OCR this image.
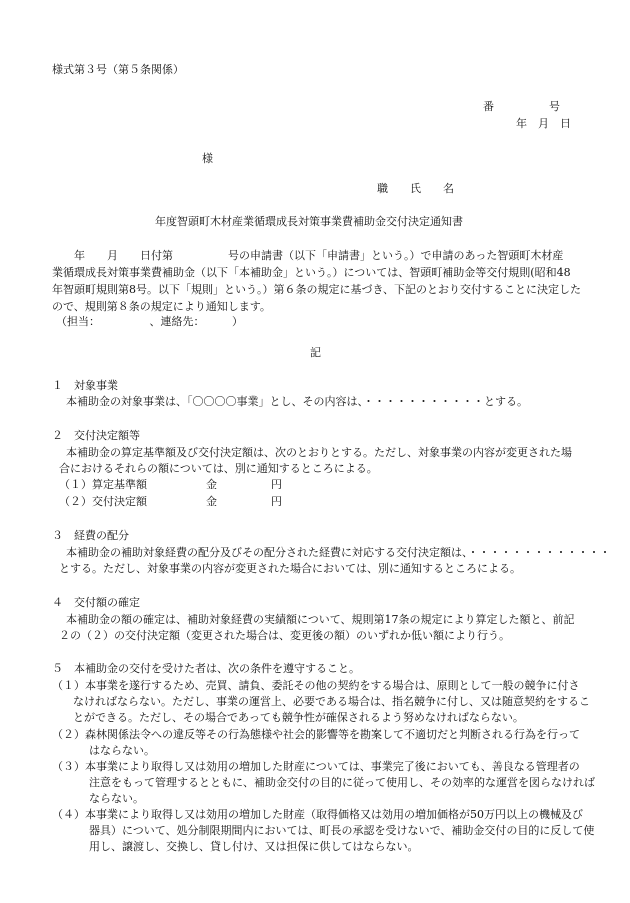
様式第３号（第５条関係）
番　　　　　号
年　月　日
様
職　　氏　　名
年度智頭町木材産業循環成長対策事業費補助金交付決定通知書
　　年　　月　　日付第　　　　　号の申請書（以下「申請書」という。）で申請のあった智頭町木材産
業循環成長対策事業費補助金（以下「本補助金」という。）については、智頭町補助金等交付規則(昭和48
年智頭町規則第8号。以下「規則」という。）第６条の規定に基づき、下記のとおり交付することに決定した
ので、規則第８条の規定により通知します。
（担当：　　　　　、連絡先：　　　）
記
１　対象事業
本補助金の対象事業は、「〇〇〇〇事業」とし、その内容は、・・・・・・・・・・・とする。
２　交付決定額等
本補助金の算定基準額及び交付決定額は、次のとおりとする。ただし、対象事業の内容が変更された場
合におけるそれらの額については、別に通知するところによる。
（１）算定基準額	金	円
（２）交付決定額	金	円
３　経費の配分
本補助金の補助対象経費の配分及びその配分された経費に対応する交付決定額は、・・・・・・・・・・・・・
とする。ただし、対象事業の内容が変更された場合においては、別に通知するところによる。
４　交付額の確定
本補助金の額の確定は、補助対象経費の実績額について、規則第17条の規定により算定した額と、前記
２の（２）の交付決定額（変更された場合は、変更後の額）のいずれか低い額により行う。
５　本補助金の交付を受けた者は、次の条件を遵守すること。
（１）本事業を遂行するため、売買、請負、委託その他の契約をする場合は、原則として一般の競争に付さ
なければならない。ただし、事業の運営上、必要である場合は、指名競争に付し、又は随意契約をするこ
とができる。ただし、その場合であっても競争性が確保されるよう努めなければならない。
（２）森林関係法令への違反等その行為態様や社会的影響等を勘案して不適切だと判断される行為を行って
はならない。
（３）本事業により取得し又は効用の増加した財産については、事業完了後においても、善良なる管理者の
注意をもって管理するとともに、補助金交付の目的に従って使用し、その効率的な運営を図らなければ
ならない。
（４）本事業により取得し又は効用の増加した財産（取得価格又は効用の増加価格が50万円以上の機械及び
器具）について、処分制限期間内においては、町長の承認を受けないで、補助金交付の目的に反して使
用し、譲渡し、交換し、貸し付け、又は担保に供してはならない。
